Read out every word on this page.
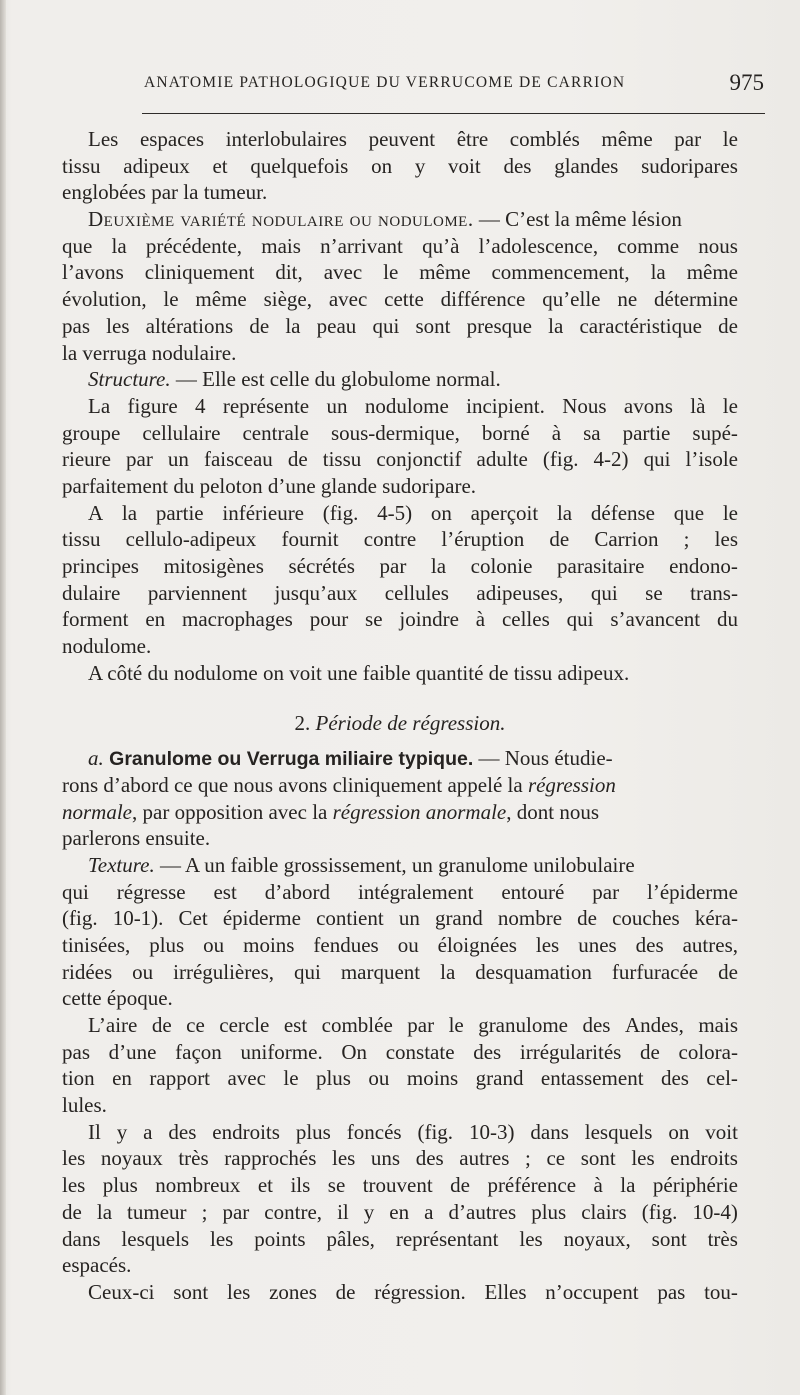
ANATOMIE PATHOLOGIQUE DU VERRUCOME DE CARRION	975
Les espaces interlobulaires peuvent être comblés même par le
tissu adipeux et quelquefois on y voit des glandes sudoripares
englobées par la tumeur.
Deuxième variété nodulaire ou nodulome. — C’est la même lésion
que la précédente, mais n’arrivant qu’à l’adolescence, comme nous
l’avons cliniquement dit, avec le même commencement, la même
évolution, le même siège, avec cette différence qu’elle ne détermine
pas les altérations de la peau qui sont presque la caractéristique de
la verruga nodulaire.
Structure. — Elle est celle du globulome normal.
La figure 4 représente un nodulome incipient. Nous avons là le
groupe cellulaire centrale sous-dermique, borné à sa partie supé-
rieure par un faisceau de tissu conjonctif adulte (fig. 4-2) qui l’isole
parfaitement du peloton d’une glande sudoripare.
A la partie inférieure (fig. 4-5) on aperçoit la défense que le
tissu cellulo-adipeux fournit contre l’éruption de Carrion ; les
principes mitosigènes sécrétés par la colonie parasitaire endono-
dulaire parviennent jusqu’aux cellules adipeuses, qui se trans-
forment en macrophages pour se joindre à celles qui s’avancent du
nodulome.
A côté du nodulome on voit une faible quantité de tissu adipeux.
2. Période de régression.
a. Granulome ou Verruga miliaire typique. — Nous étudie-
rons d’abord ce que nous avons cliniquement appelé la régression
normale, par opposition avec la régression anormale, dont nous
parlerons ensuite.
Texture. — A un faible grossissement, un granulome unilobulaire
qui régresse est d’abord intégralement entouré par l’épiderme
(fig. 10-1). Cet épiderme contient un grand nombre de couches kéra-
tinisées, plus ou moins fendues ou éloignées les unes des autres,
ridées ou irrégulières, qui marquent la desquamation furfuracée de
cette époque.
L’aire de ce cercle est comblée par le granulome des Andes, mais
pas d’une façon uniforme. On constate des irrégularités de colora-
tion en rapport avec le plus ou moins grand entassement des cel-
lules.
Il y a des endroits plus foncés (fig. 10-3) dans lesquels on voit
les noyaux très rapprochés les uns des autres ; ce sont les endroits
les plus nombreux et ils se trouvent de préférence à la périphérie
de la tumeur ; par contre, il y en a d’autres plus clairs (fig. 10-4)
dans lesquels les points pâles, représentant les noyaux, sont très
espacés.
Ceux-ci sont les zones de régression. Elles n’occupent pas tou-
